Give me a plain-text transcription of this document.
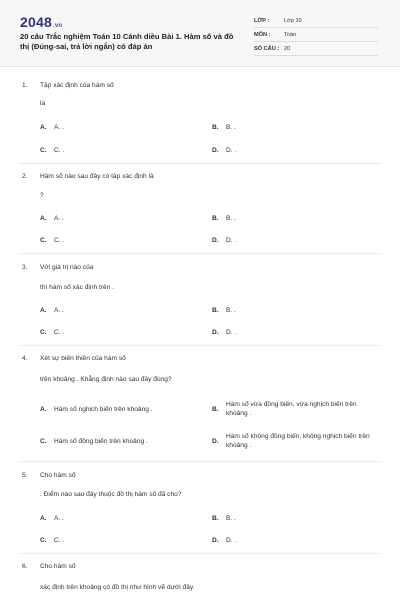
2048.vn
20 câu Trắc nghiệm Toán 10 Cánh diều Bài 1. Hàm số và đồ thị (Đúng-sai, trả lời ngắn) có đáp án
LỚP :	Lớp 10
MÔN : Toán
SỐ CÂU : 20
1. Tập xác định của hàm số
là
A. A. .	B. B. .
C. C. .	D. D. .
2. Hàm số nào sau đây có tập xác định là
?
A. A. .	B. B. .
C. C. .	D. D. .
3. Với giá trị nào của
thì hàm số xác định trên .
A. A. .	B. B. .
C. C. .	D. D. .
4. Xét sự biến thiên của hàm số
trên khoảng . Khẳng định nào sau đây đúng?
A. Hàm số nghịch biến trên khoảng .	B.
Hàm số vừa đồng biến, vừa nghịch biến trên khoảng .
C. Hàm số đồng biến trên khoảng .	D.
Hàm số không đồng biến, không nghịch biến trên khoảng .
5. Cho hàm số
. Điểm nào sau đây thuộc đồ thị hàm số đã cho?
A. A. .	B. B. .
C. C. .	D. D. .
6. Cho hàm số
xác định trên khoảng có đồ thị như hình vẽ dưới đây.
